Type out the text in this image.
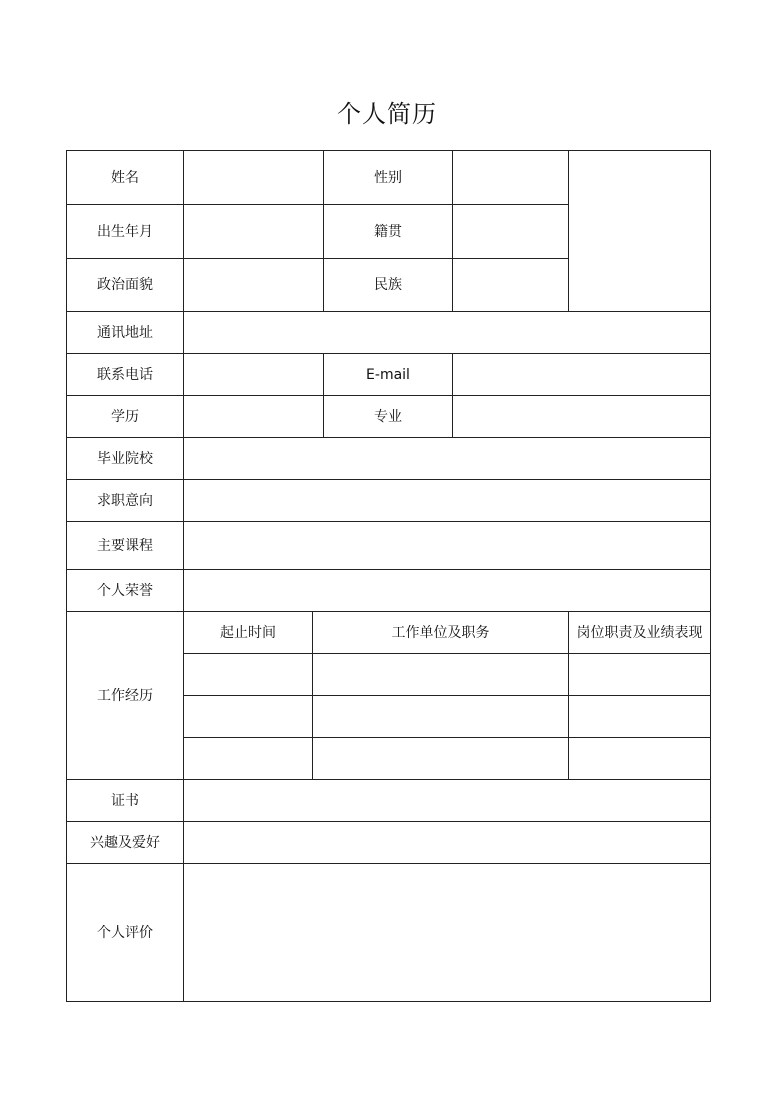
个人简历
姓名			性别		
出生年月			籍贯		
政治面貌			民族		
通讯地址					
联系电话			E-mail		
学历			专业		
毕业院校					
求职意向					
主要课程					
个人荣誉					
工作经历	起止时间	工作单位及职务			岗位职责及业绩表现

证书					
兴趣及爱好					
个人评价					
